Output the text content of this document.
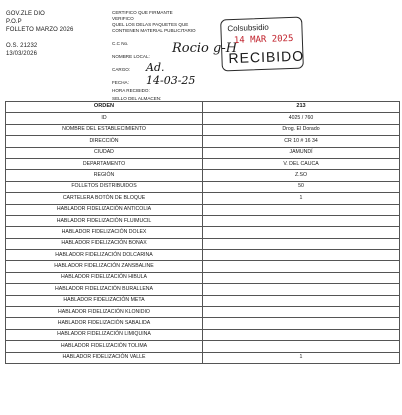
GOV.ZLE DIO
P.O.P
FOLLETO MARZO 2026
O.S. 21232
13/03/2026
CERTIFICO QUE FIRMANTE
VERIFICO
QUEL LOS DELAS PAQUETES QUE
CONTIENEN MATERIAL PUBLICITARIO
C.C No.
NOMBRE LOCAL:
CARGO:	Ad.
FECHA:	14-03-25
HORA RECIBIDO:
SELLO DEL ALMACEN:
Rocio g-H
Colsubsidio
14 MAR 2025
RECIBIDO
ORDEN	213
ID	4025 / 760
NOMBRE DEL ESTABLECIMIENTO	Drog. El Dorado
DIRECCIÓN	CR 10 # 16 34
CIUDAD	JAMUNDÍ
DEPARTAMENTO	V. DEL CAUCA
REGIÓN	Z.SO
FOLLETOS DISTRIBUIDOS	50
CARTELERA BOTÓN DE BLOQUE	1
HABLADOR FIDELIZACIÓN ANTICOLIA	
HABLADOR FIDELIZACIÓN FLUIMUCIL	
HABLADOR FIDELIZACIÓN DOLEX	
HABLADOR FIDELIZACIÓN BONAX	
HABLADOR FIDELIZACIÓN DOLCARINA	
HABLADOR FIDELIZACIÓN ZANSBALINE	
HABLADOR FIDELIZACIÓN HIBULA	
HABLADOR FIDELIZACIÓN BURALLENA	
HABLADOR FIDELIZACIÓN META	
HABLADOR FIDELIZACIÓN KLONIDIO	
HABLADOR FIDELIZACIÓN SABALIDA	
HABLADOR FIDELIZACIÓN LIMIQUINA	
HABLADOR FIDELIZACIÓN TOLIMA	
HABLADOR FIDELIZACIÓN VALLE	1
